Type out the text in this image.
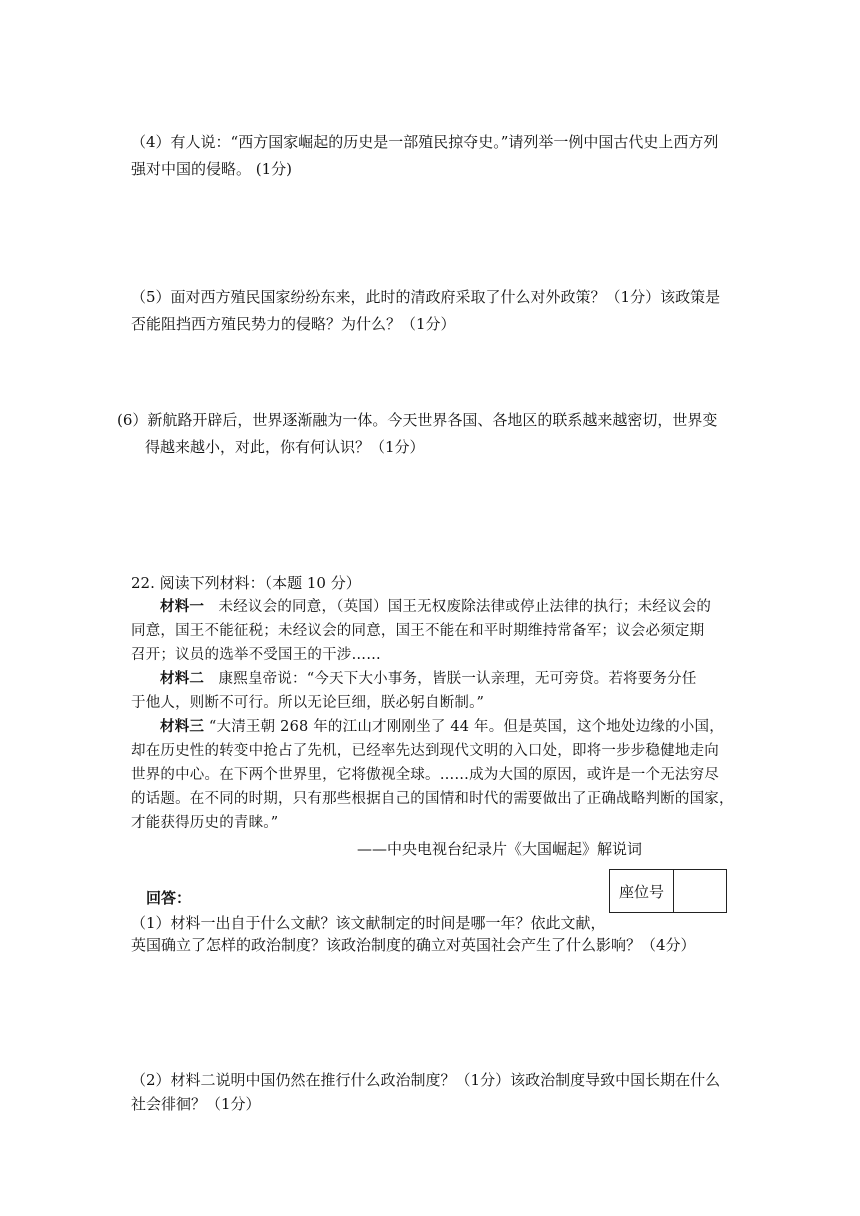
（4）有人说：“西方国家崛起的历史是一部殖民掠夺史。”请列举一例中国古代史上西方列
强对中国的侵略。 (1分)
（5）面对西方殖民国家纷纷东来，此时的清政府采取了什么对外政策？（1分）该政策是
否能阻挡西方殖民势力的侵略？为什么？（1分）
(6）新航路开辟后，世界逐渐融为一体。今天世界各国、各地区的联系越来越密切，世界变
得越来越小，对此，你有何认识？（1分）
22. 阅读下列材料：（本题 10 分）
材料一 未经议会的同意，（英国）国王无权废除法律或停止法律的执行；未经议会的
同意，国王不能征税；未经议会的同意，国王不能在和平时期维持常备军；议会必须定期
召开；议员的选举不受国王的干涉……
材料二 康熙皇帝说：“今天下大小事务，皆朕一认亲理，无可旁贷。若将要务分任
于他人，则断不可行。所以无论巨细，朕必躬自断制。”
材料三 “大清王朝 268 年的江山才刚刚坐了 44 年。但是英国，这个地处边缘的小国，
却在历史性的转变中抢占了先机，已经率先达到现代文明的入口处，即将一步步稳健地走向
世界的中心。在下两个世界里，它将傲视全球。……成为大国的原因，或许是一个无法穷尽
的话题。在不同的时期，只有那些根据自己的国情和时代的需要做出了正确战略判断的国家，
才能获得历史的青睐。”
——中央电视台纪录片《大国崛起》解说词
回答：	座位号
（1）材料一出自于什么文献？该文献制定的时间是哪一年？依此文献，
英国确立了怎样的政治制度？该政治制度的确立对英国社会产生了什么影响？（4分）
（2）材料二说明中国仍然在推行什么政治制度？（1分）该政治制度导致中国长期在什么
社会徘徊？（1分）
